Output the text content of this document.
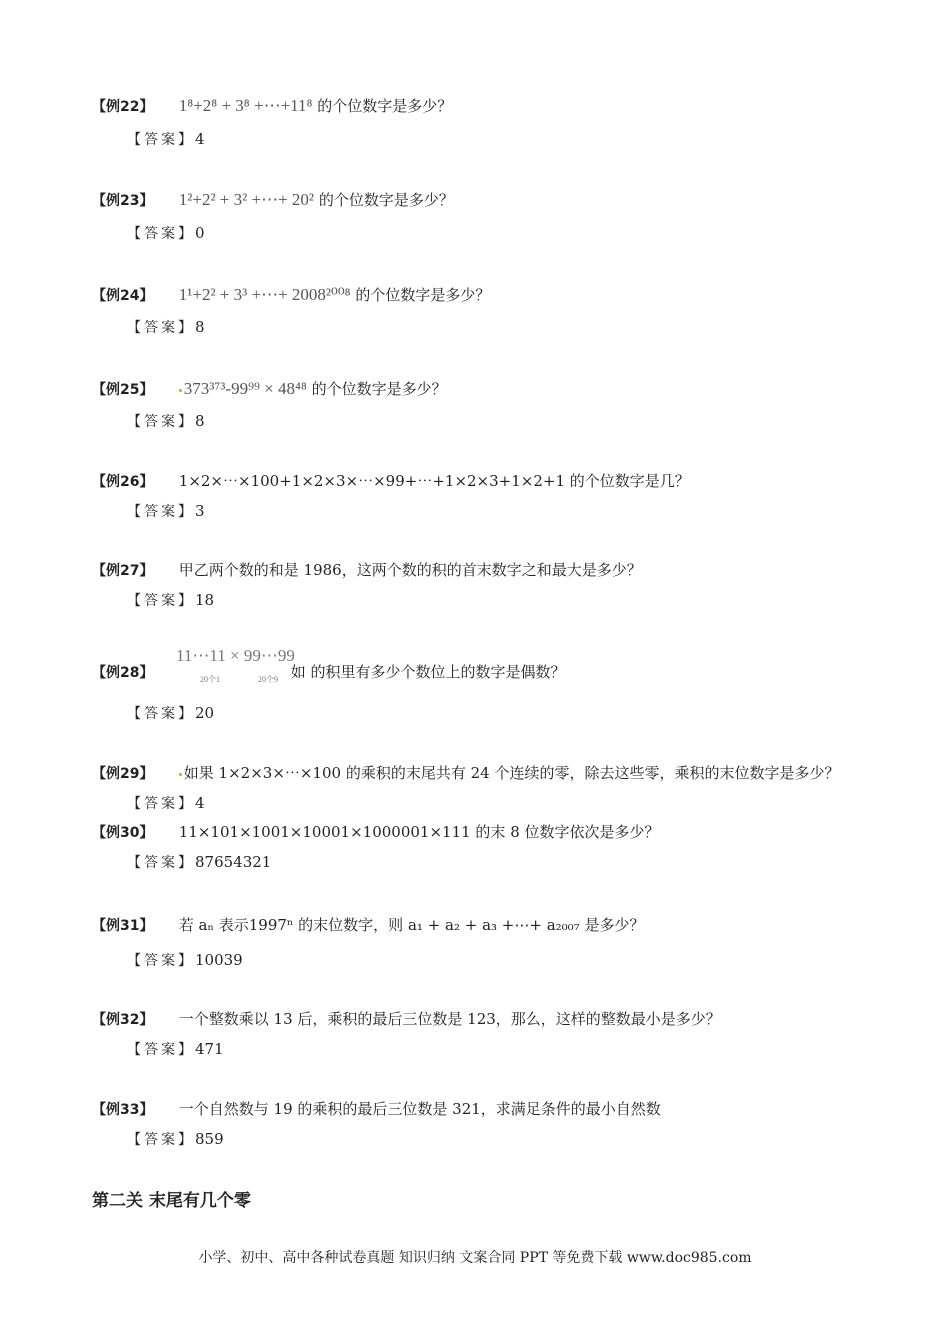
【例22】 1⁸+2⁸ + 3⁸ +⋯+11⁸ 的个位数字是多少？
【答案】4
【例23】 1²+2² + 3² +⋯+ 20² 的个位数字是多少？
【答案】0
【例24】 1¹+2² + 3³ +⋯+ 2008²⁰⁰⁸ 的个位数字是多少？
【答案】8
【例25】 373³⁷³-99⁹⁹ × 48⁴⁸ 的个位数字是多少？
【答案】8
【例26】 1×2×⋯×100+1×2×3×⋯×99+⋯+1×2×3+1×2+1 的个位数字是几？
【答案】3
【例27】 甲乙两个数的和是 1986，这两个数的积的首末数字之和最大是多少？
【答案】18
11⋯11 × 99⋯99
20个1	20个9
【例28】	如 的积里有多少个数位上的数字是偶数？
【答案】20
【例29】 如果 1×2×3×⋯×100 的乘积的末尾共有 24 个连续的零，除去这些零，乘积的末位数字是多少？
【答案】4
【例30】 11×101×1001×10001×1000001×111 的末 8 位数字依次是多少？
【答案】87654321
【例31】 若 aₙ 表示1997ⁿ 的末位数字，则 a₁ + a₂ + a₃ +⋯+ a₂₀₀₇ 是多少？
【答案】10039
【例32】 一个整数乘以 13 后，乘积的最后三位数是 123，那么，这样的整数最小是多少？
【答案】471
【例33】 一个自然数与 19 的乘积的最后三位数是 321，求满足条件的最小自然数
【答案】859
第二关 末尾有几个零
小学、初中、高中各种试卷真题 知识归纳 文案合同 PPT 等免费下载 www.doc985.com
